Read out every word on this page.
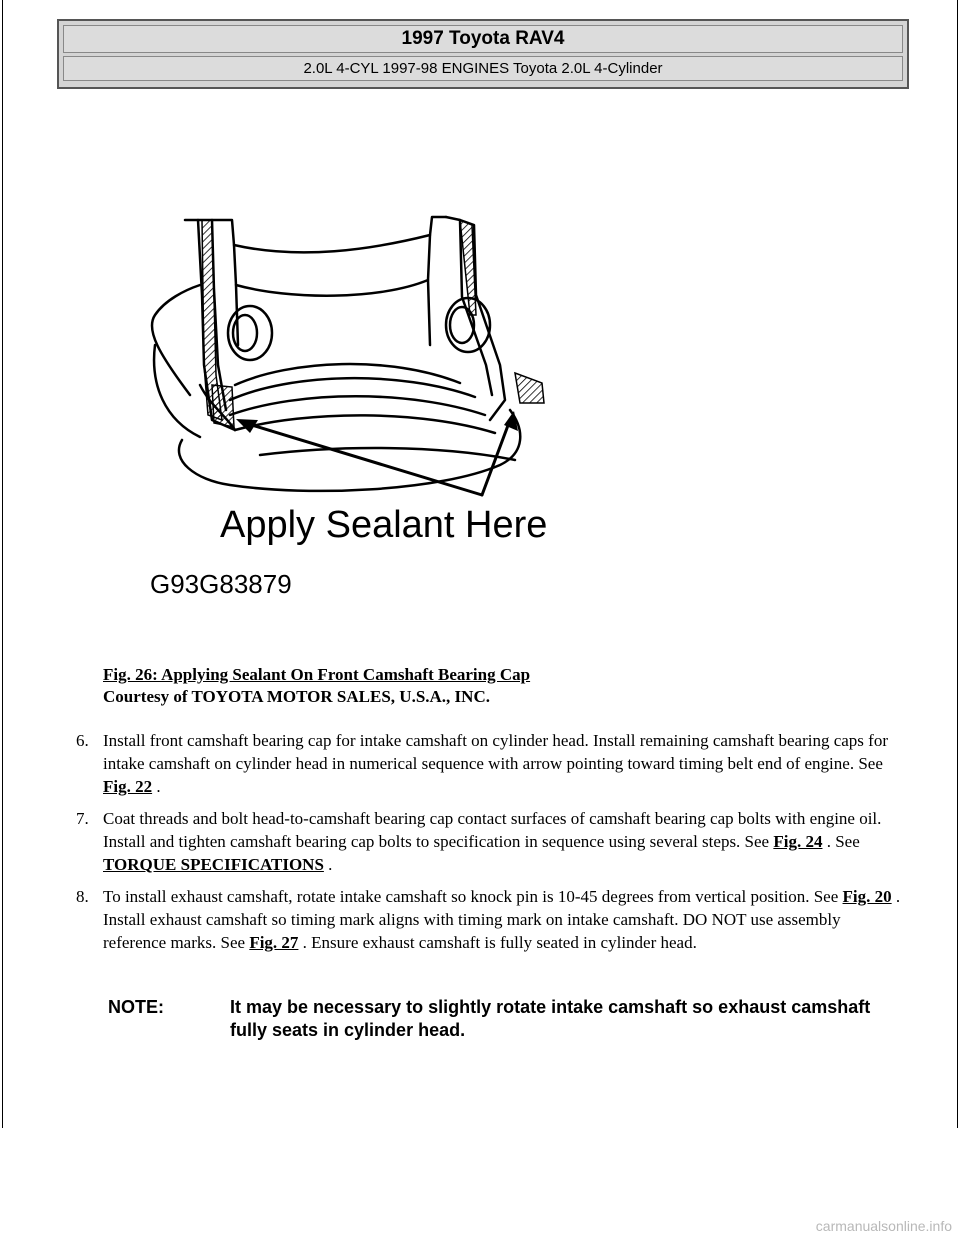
1997 Toyota RAV4
2.0L 4-CYL 1997-98 ENGINES Toyota 2.0L 4-Cylinder
Apply Sealant Here
G93G83879
Fig. 26: Applying Sealant On Front Camshaft Bearing Cap
Courtesy of TOYOTA MOTOR SALES, U.S.A., INC.
6. Install front camshaft bearing cap for intake camshaft on cylinder head. Install remaining camshaft bearing caps for intake camshaft on cylinder head in numerical sequence with arrow pointing toward timing belt end of engine. See Fig. 22 .
7. Coat threads and bolt head-to-camshaft bearing cap contact surfaces of camshaft bearing cap bolts with engine oil. Install and tighten camshaft bearing cap bolts to specification in sequence using several steps. See Fig. 24 . See TORQUE SPECIFICATIONS .
8. To install exhaust camshaft, rotate intake camshaft so knock pin is 10-45 degrees from vertical position. See Fig. 20 . Install exhaust camshaft so timing mark aligns with timing mark on intake camshaft. DO NOT use assembly reference marks. See Fig. 27 . Ensure exhaust camshaft is fully seated in cylinder head.
NOTE:	It may be necessary to slightly rotate intake camshaft so exhaust camshaft fully seats in cylinder head.
carmanualsonline.info
